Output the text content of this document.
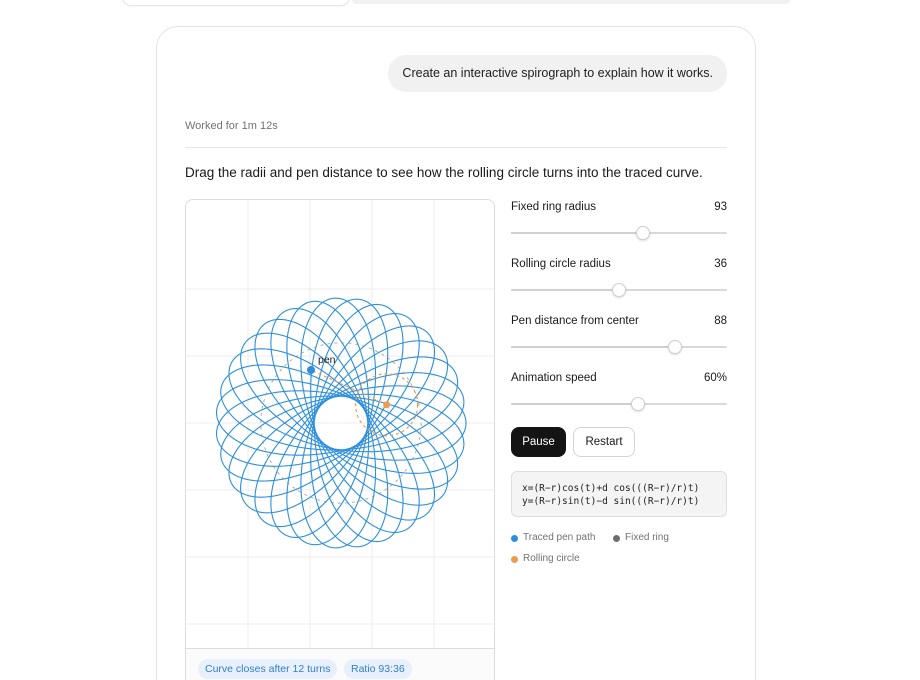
Create an interactive spirograph to explain how it works.
Worked for 1m 12s
Drag the radii and pen distance to see how the rolling circle turns into the traced curve.
pen
Curve closes after 12 turns	Ratio 93:36
Fixed ring radius	93
Rolling circle radius	36
Pen distance from center	88
Animation speed	60%
Pause	Restart
x=(R−r)cos(t)+d cos(((R−r)/r)t)
y=(R−r)sin(t)−d sin(((R−r)/r)t)
Traced pen path	Fixed ring
Rolling circle
